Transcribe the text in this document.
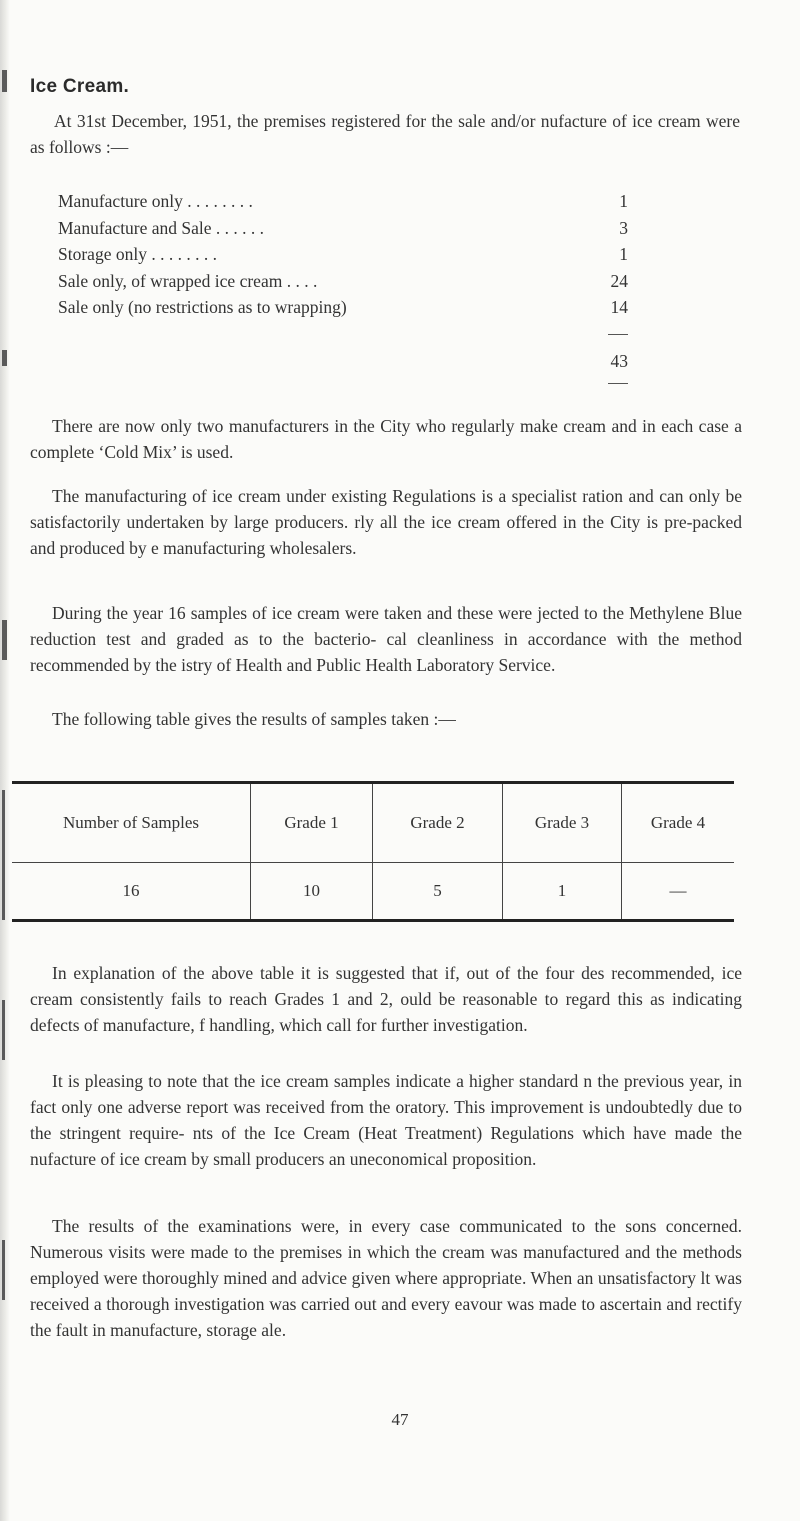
Ice Cream.

At 31st December, 1951, the premises registered for the sale and/or nufacture of ice cream were as follows :—

Manufacture only . . . . . . . .	1
Manufacture and Sale . . . . . .	3
Storage only . . . . . . . .	1
Sale only, of wrapped ice cream . . . .	24
Sale only (no restrictions as to wrapping)	14
43

There are now only two manufacturers in the City who regularly make cream and in each case a complete ‘Cold Mix’ is used.

The manufacturing of ice cream under existing Regulations is a specialist ration and can only be satisfactorily undertaken by large producers. rly all the ice cream offered in the City is pre-packed and produced by e manufacturing wholesalers.

During the year 16 samples of ice cream were taken and these were jected to the Methylene Blue reduction test and graded as to the bacterio- cal cleanliness in accordance with the method recommended by the istry of Health and Public Health Laboratory Service.

The following table gives the results of samples taken :—

Number of Samples	Grade 1	Grade 2	Grade 3	Grade 4
16	10	5	1	—

In explanation of the above table it is suggested that if, out of the four des recommended, ice cream consistently fails to reach Grades 1 and 2, ould be reasonable to regard this as indicating defects of manufacture, f handling, which call for further investigation.

It is pleasing to note that the ice cream samples indicate a higher standard n the previous year, in fact only one adverse report was received from the oratory. This improvement is undoubtedly due to the stringent require- nts of the Ice Cream (Heat Treatment) Regulations which have made the nufacture of ice cream by small producers an uneconomical proposition.

The results of the examinations were, in every case communicated to the sons concerned. Numerous visits were made to the premises in which the cream was manufactured and the methods employed were thoroughly mined and advice given where appropriate. When an unsatisfactory lt was received a thorough investigation was carried out and every eavour was made to ascertain and rectify the fault in manufacture, storage ale.

47
